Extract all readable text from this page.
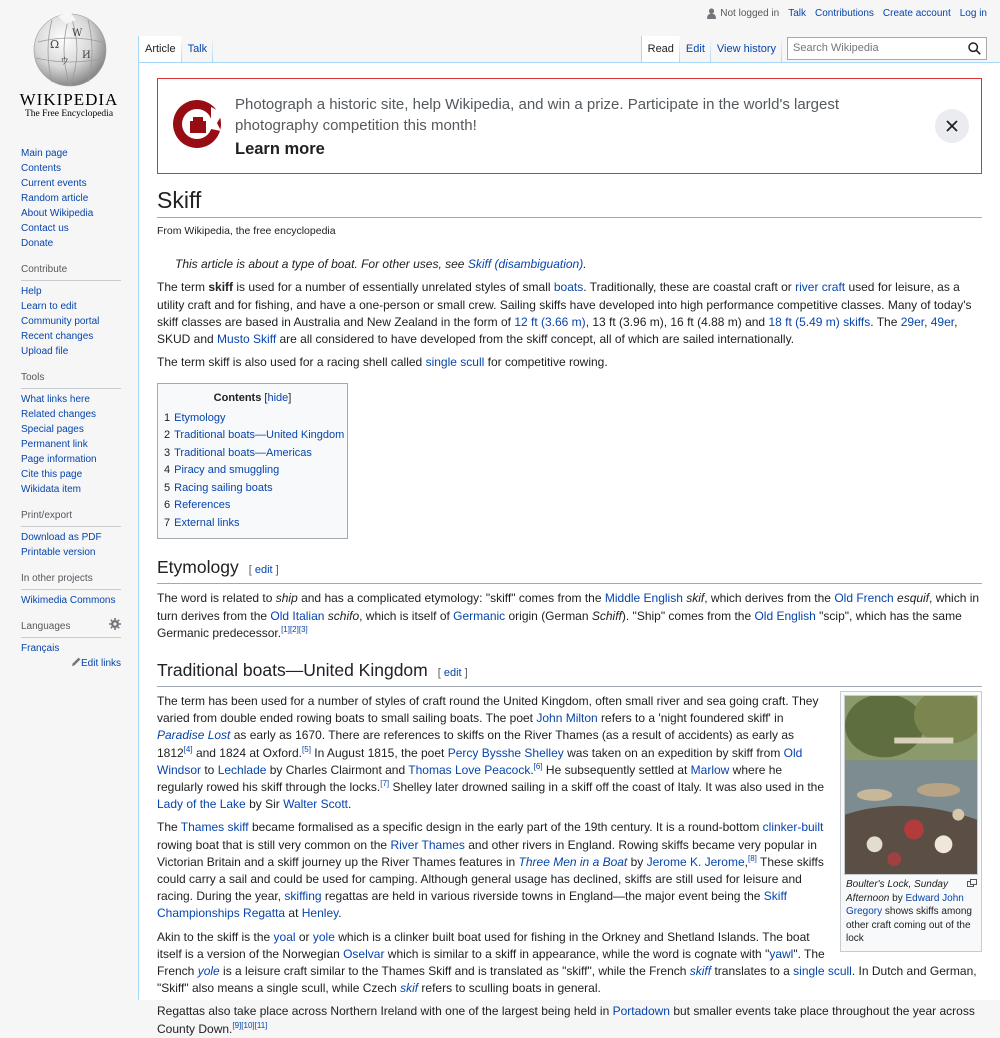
Ω
W
И
ウ
WIKIPEDIA
The Free Encyclopedia
Not logged in Talk Contributions Create account Log in
Article	Talk	Read	Edit	View history	Search Wikipedia
Main page
Contents
Current events
Random article
About Wikipedia
Contact us
Donate
Contribute
Help
Learn to edit
Community portal
Recent changes
Upload file
Tools
What links here
Related changes
Special pages
Permanent link
Page information
Cite this page
Wikidata item
Print/export
Download as PDF
Printable version
In other projects
Wikimedia Commons
Languages
Français
Edit links
Photograph a historic site, help Wikipedia, and win a prize. Participate in the world's largest photography competition this month!
Learn more
Skiff
From Wikipedia, the free encyclopedia
This article is about a type of boat. For other uses, see Skiff (disambiguation).

The term skiff is used for a number of essentially unrelated styles of small boats. Traditionally, these are coastal craft or river craft used for leisure, as a utility craft and for fishing, and have a one-person or small crew. Sailing skiffs have developed into high performance competitive classes. Many of today's skiff classes are based in Australia and New Zealand in the form of 12 ft (3.66 m), 13 ft (3.96 m), 16 ft (4.88 m) and 18 ft (5.49 m) skiffs. The 29er, 49er, SKUD and Musto Skiff are all considered to have developed from the skiff concept, all of which are sailed internationally.

The term skiff is also used for a racing shell called single scull for competitive rowing.

Contents [hide]
1 Etymology
2 Traditional boats—United Kingdom
3 Traditional boats—Americas
4 Piracy and smuggling
5 Racing sailing boats
6 References
7 External links
Etymology [ edit ]

The word is related to ship and has a complicated etymology: "skiff" comes from the Middle English skif, which derives from the Old French esquif, which in turn derives from the Old Italian schifo, which is itself of Germanic origin (German Schiff). "Ship" comes from the Old English "scip", which has the same Germanic predecessor.[1][2][3]

Traditional boats—United Kingdom [ edit ]
Boulter's Lock, Sunday Afternoon by Edward John Gregory shows skiffs among other craft coming out of the lock

The term has been used for a number of styles of craft round the United Kingdom, often small river and sea going craft. They varied from double ended rowing boats to small sailing boats. The poet John Milton refers to a 'night foundered skiff' in Paradise Lost as early as 1670. There are references to skiffs on the River Thames (as a result of accidents) as early as 1812[4] and 1824 at Oxford.[5] In August 1815, the poet Percy Bysshe Shelley was taken on an expedition by skiff from Old Windsor to Lechlade by Charles Clairmont and Thomas Love Peacock.[6] He subsequently settled at Marlow where he regularly rowed his skiff through the locks.[7] Shelley later drowned sailing in a skiff off the coast of Italy. It was also used in the Lady of the Lake by Sir Walter Scott.

The Thames skiff became formalised as a specific design in the early part of the 19th century. It is a round-bottom clinker-built rowing boat that is still very common on the River Thames and other rivers in England. Rowing skiffs became very popular in Victorian Britain and a skiff journey up the River Thames features in Three Men in a Boat by Jerome K. Jerome,[8] These skiffs could carry a sail and could be used for camping. Although general usage has declined, skiffs are still used for leisure and racing. During the year, skiffing regattas are held in various riverside towns in England—the major event being the Skiff Championships Regatta at Henley.

Akin to the skiff is the yoal or yole which is a clinker built boat used for fishing in the Orkney and Shetland Islands. The boat itself is a version of the Norwegian Oselvar which is similar to a skiff in appearance, while the word is cognate with "yawl". The French yole is a leisure craft similar to the Thames Skiff and is translated as "skiff", while the French skiff translates to a single scull. In Dutch and German, "Skiff" also means a single scull, while Czech skif refers to sculling boats in general.

Regattas also take place across Northern Ireland with one of the largest being held in Portadown but smaller events take place throughout the year across County Down.[9][10][11]
